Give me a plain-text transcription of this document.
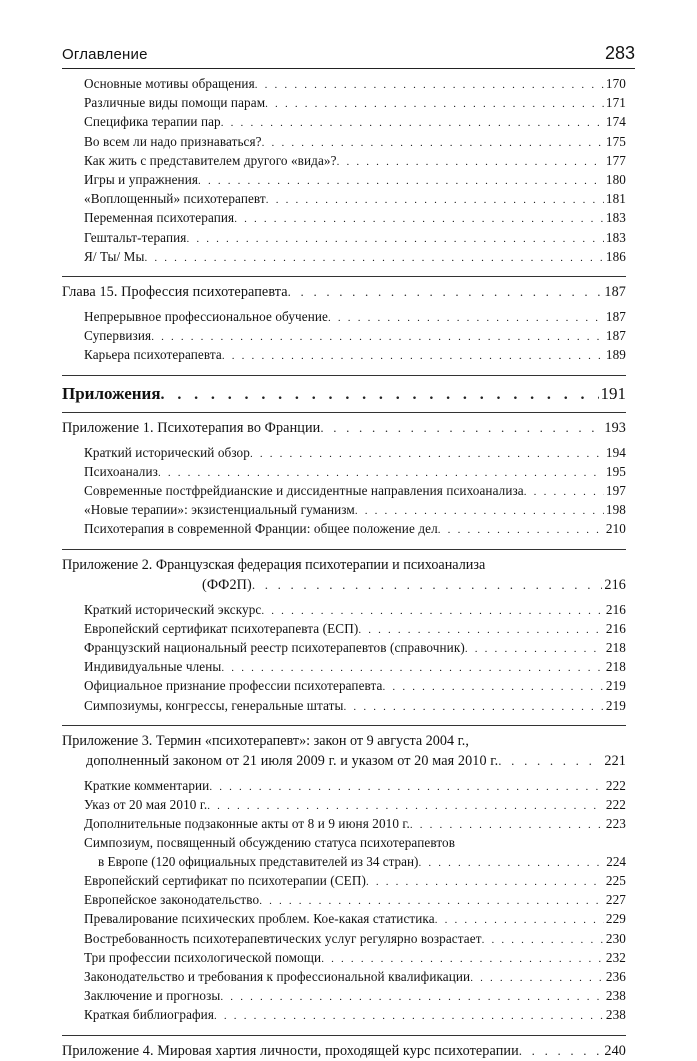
Оглавление	283
Основные мотивы обращения . . .	170
Различные виды помощи парам . . .	171
Специфика терапии пар . . .	174
Во всем ли надо признаваться? . . .	175
Как жить с представителем другого «вида»? . . .	177
Игры и упражнения . . .	180
«Воплощенный» психотерапевт . . .	181
Переменная психотерапия . . .	183
Гештальт-терапия . . .	183
Я/ Ты/ Мы . . .	186
Глава 15. Профессия психотерапевта . . .	187
Непрерывное профессиональное обучение . . .	187
Супервизия . . .	187
Карьера психотерапевта . . .	189
Приложения . . .	191
Приложение 1. Психотерапия во Франции . . .	193
Краткий исторический обзор . . .	194
Психоанализ . . .	195
Современные постфрейдианские и диссидентные направления психоанализа . . .	197
«Новые терапии»: экзистенциальный гуманизм . . .	198
Психотерапия в современной Франции: общее положение дел . . .	210
Приложение 2. Французская федерация психотерапии и психоанализа
(ФФ2П) . . .	216
Краткий исторический экскурс . . .	216
Европейский сертификат психотерапевта (ЕСП) . . .	216
Французский национальный реестр психотерапевтов (справочник) . . .	218
Индивидуальные члены . . .	218
Официальное признание профессии психотерапевта . . .	219
Симпозиумы, конгрессы, генеральные штаты . . .	219
Приложение 3. Термин «психотерапевт»: закон от 9 августа 2004 г.,
дополненный законом от 21 июля 2009 г. и указом от 20 мая 2010 г. . . .	221
Краткие комментарии . . .	222
Указ от 20 мая 2010 г. . . .	222
Дополнительные подзаконные акты от 8 и 9 июня 2010 г. . . .	223
Симпозиум, посвященный обсуждению статуса психотерапевтов
в Европе (120 официальных представителей из 34 стран) . . .	224
Европейский сертификат по психотерапии (СЕП) . . .	225
Европейское законодательство . . .	227
Превалирование психических проблем. Кое-какая статистика . . .	229
Востребованность психотерапевтических услуг регулярно возрастает . . .	230
Три профессии психологической помощи . . .	232
Законодательство и требования к профессиональной квалификации . . .	236
Заключение и прогнозы . . .	238
Краткая библиография . . .	238
Приложение 4. Мировая хартия личности, проходящей курс психотерапии . . .	240
